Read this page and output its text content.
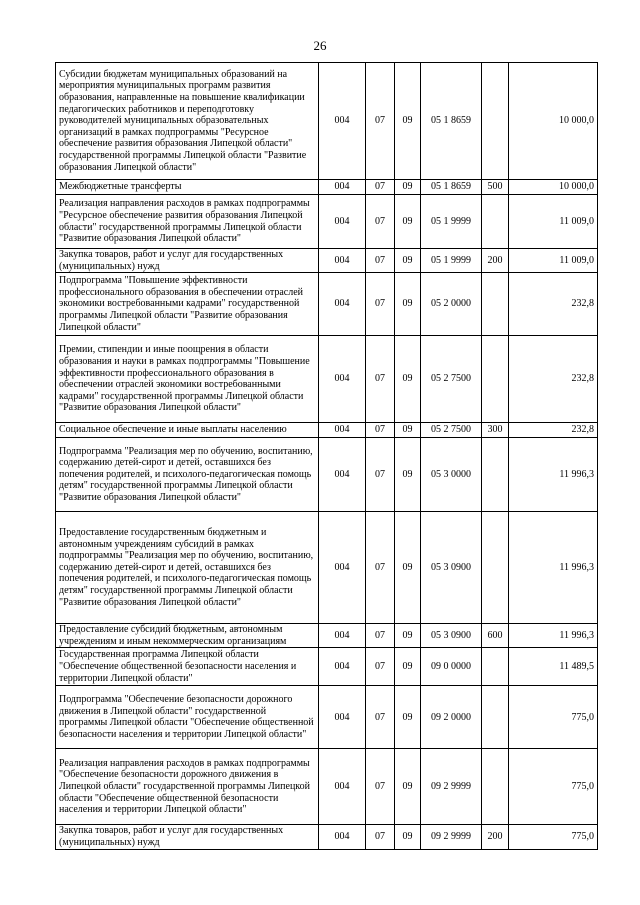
26
Субсидии бюджетам муниципальных образований на мероприятия муниципальных программ развития образования, направленные на повышение квалификации педагогических работников и переподготовку руководителей муниципальных образовательных организаций в рамках подпрограммы "Ресурсное обеспечение развития образования Липецкой области" государственной программы Липецкой области "Развитие образования Липецкой области"	004	07	09	05 1 8659		10 000,0
Межбюджетные трансферты	004	07	09	05 1 8659	500	10 000,0
Реализация направления расходов в рамках подпрограммы "Ресурсное обеспечение развития образования Липецкой области" государственной программы Липецкой области "Развитие образования Липецкой области"	004	07	09	05 1 9999		11 009,0
Закупка товаров, работ и услуг для государственных (муниципальных) нужд	004	07	09	05 1 9999	200	11 009,0
Подпрограмма "Повышение эффективности профессионального образования в обеспечении отраслей экономики востребованными кадрами" государственной программы Липецкой области "Развитие образования Липецкой области"	004	07	09	05 2 0000		232,8
Премии, стипендии и иные поощрения в области образования и науки в рамках подпрограммы "Повышение эффективности профессионального образования в обеспечении отраслей экономики востребованными кадрами" государственной программы Липецкой области "Развитие образования Липецкой области"	004	07	09	05 2 7500		232,8
Социальное обеспечение и иные выплаты населению	004	07	09	05 2 7500	300	232,8
Подпрограмма "Реализация мер по обучению, воспитанию, содержанию детей-сирот и детей, оставшихся без попечения родителей, и психолого-педагогическая помощь детям" государственной программы Липецкой области "Развитие образования Липецкой области"	004	07	09	05 3 0000		11 996,3
Предоставление государственным бюджетным и автономным учреждениям субсидий в рамках подпрограммы "Реализация мер по обучению, воспитанию, содержанию детей-сирот и детей, оставшихся без попечения родителей, и психолого-педагогическая помощь детям" государственной программы Липецкой области "Развитие образования Липецкой области"	004	07	09	05 3 0900		11 996,3
Предоставление субсидий бюджетным, автономным учреждениям и иным некоммерческим организациям	004	07	09	05 3 0900	600	11 996,3
Государственная программа Липецкой области "Обеспечение общественной безопасности населения и территории Липецкой области"	004	07	09	09 0 0000		11 489,5
Подпрограмма "Обеспечение безопасности дорожного движения в Липецкой области" государственной программы Липецкой области "Обеспечение общественной безопасности населения и территории Липецкой области"	004	07	09	09 2 0000		775,0
Реализация направления расходов в рамках подпрограммы "Обеспечение безопасности дорожного движения в Липецкой области" государственной программы Липецкой области "Обеспечение общественной безопасности населения и территории Липецкой области"	004	07	09	09 2 9999		775,0
Закупка товаров, работ и услуг для государственных (муниципальных) нужд	004	07	09	09 2 9999	200	775,0
